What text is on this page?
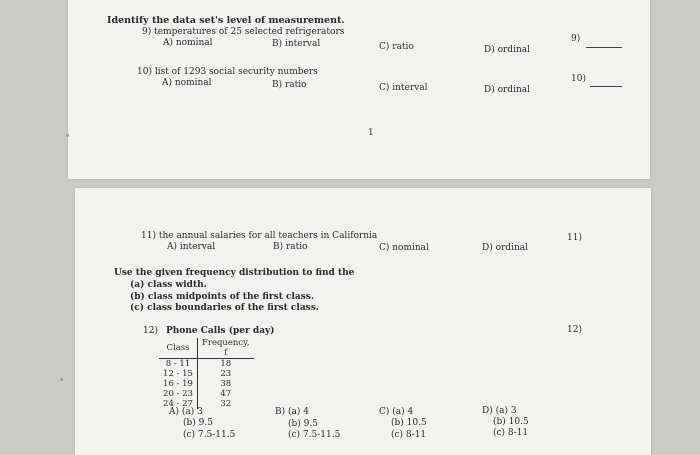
Identify the data set's level of measurement.
9) temperatures of 25 selected refrigerators
A) nominal	B) interval	C) ratio	D) ordinal
9)
10) list of 1293 social security numbers
A) nominal	B) ratio	C) interval	D) ordinal
10)
1
11) the annual salaries for all teachers in California
A) interval	B) ratio	C) nominal	D) ordinal
11)
Use the given frequency distribution to find the
(a) class width.
(b) class midpoints of the first class.
(c) class boundaries of the first class.
12) Phone Calls (per day)	12)
Class	Frequency, f
8 - 11	18
12 - 15	23
16 - 19	38
20 - 23	47
24 - 27	32
A) (a) 3
(b) 9.5
(c) 7.5-11.5
B) (a) 4
(b) 9.5
(c) 7.5-11.5
C) (a) 4
(b) 10.5
(c) 8-11
D) (a) 3
(b) 10.5
(c) 8-11
